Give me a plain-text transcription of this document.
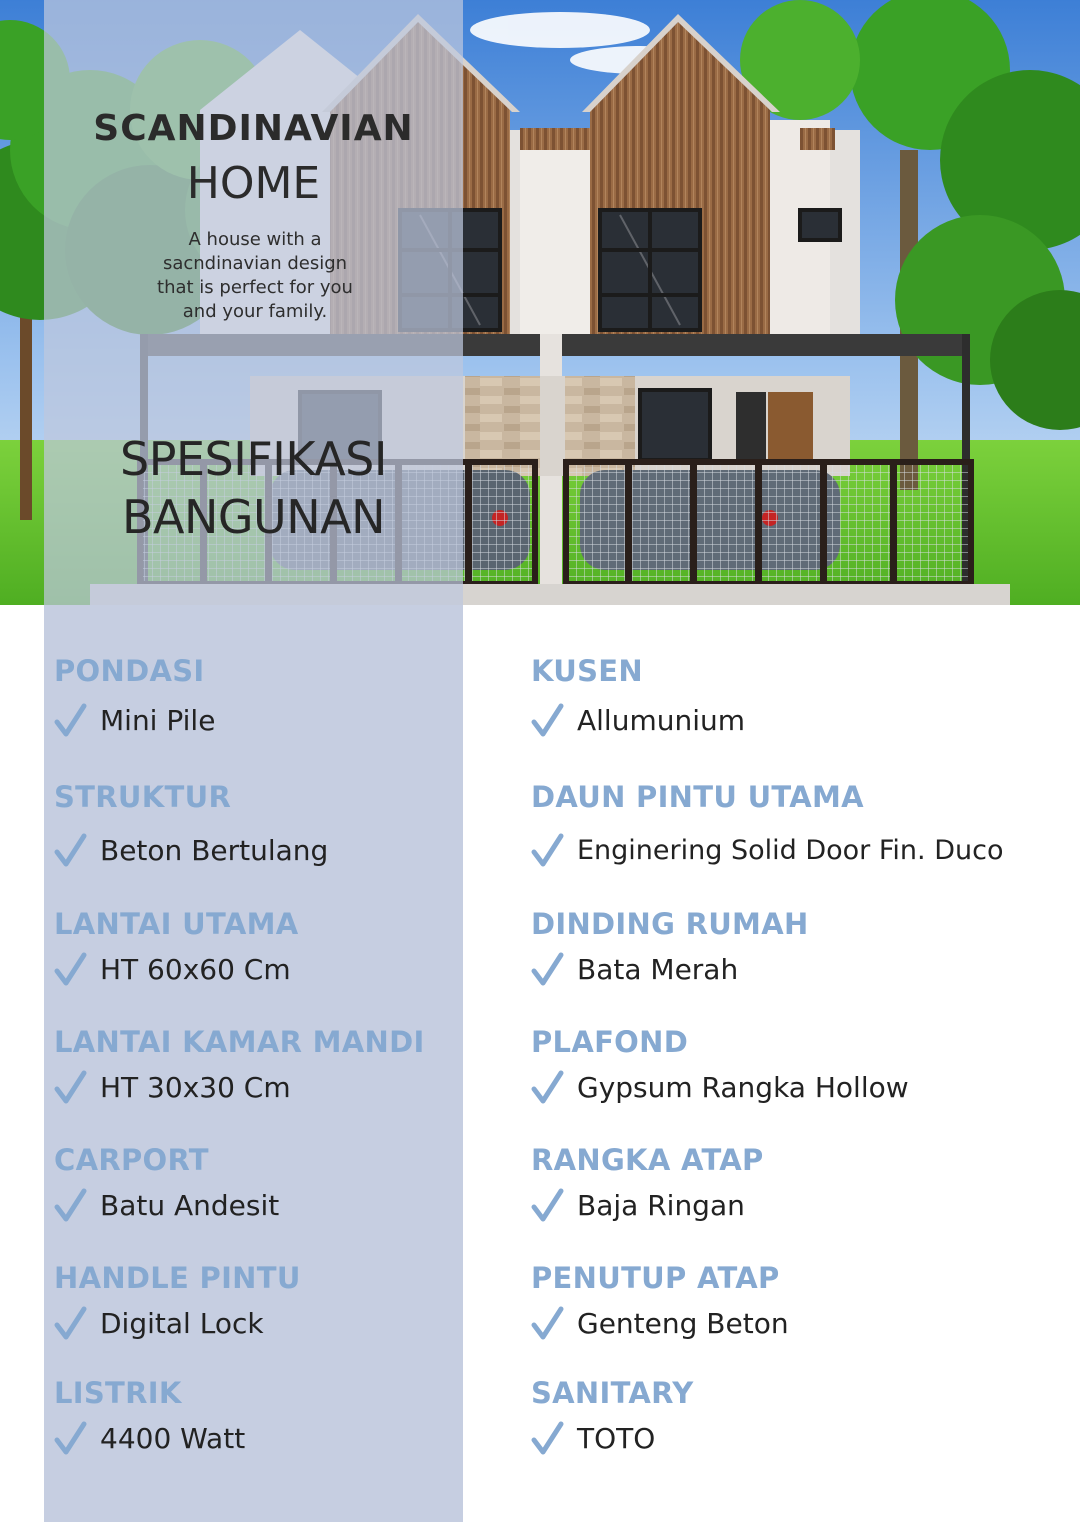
SCANDINAVIAN
HOME
A house with a
sacndinavian design
that is perfect for you
and your family.
SPESIFIKASI
BANGUNAN
PONDASI
Mini Pile
STRUKTUR
Beton Bertulang
LANTAI UTAMA
HT 60x60 Cm
LANTAI KAMAR MANDI
HT 30x30 Cm
CARPORT
Batu Andesit
HANDLE PINTU
Digital Lock
LISTRIK
4400 Watt
KUSEN
Allumunium
DAUN PINTU UTAMA
Enginering Solid Door Fin. Duco
DINDING RUMAH
Bata Merah
PLAFOND
Gypsum Rangka Hollow
RANGKA ATAP
Baja Ringan
PENUTUP ATAP
Genteng Beton
SANITARY
TOTO
